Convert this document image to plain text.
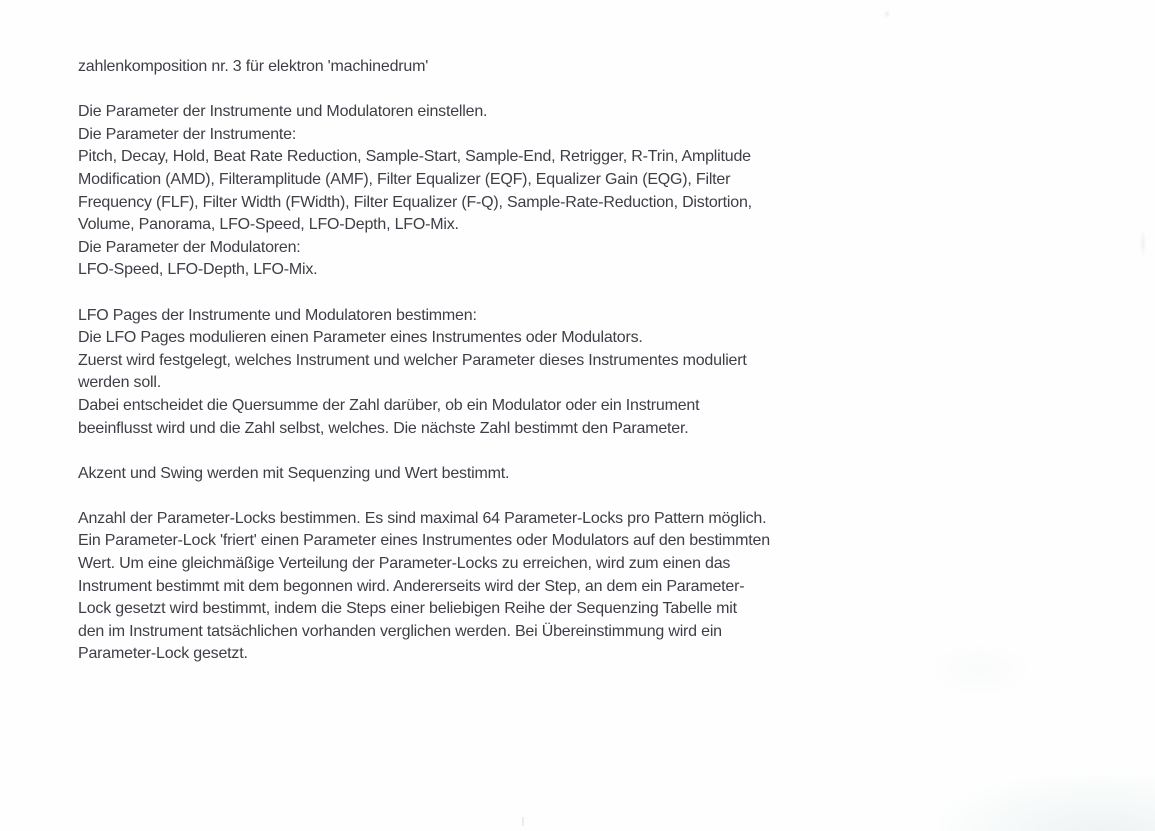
zahlenkomposition nr. 3 für elektron 'machinedrum'
Die Parameter der Instrumente und Modulatoren einstellen.
Die Parameter der Instrumente:
Pitch, Decay, Hold, Beat Rate Reduction, Sample-Start, Sample-End, Retrigger, R-Trin, Amplitude
Modification (AMD), Filteramplitude (AMF), Filter Equalizer (EQF), Equalizer Gain (EQG), Filter
Frequency (FLF), Filter Width (FWidth), Filter Equalizer (F-Q), Sample-Rate-Reduction, Distortion,
Volume, Panorama, LFO-Speed, LFO-Depth, LFO-Mix.
Die Parameter der Modulatoren:
LFO-Speed, LFO-Depth, LFO-Mix.
LFO Pages der Instrumente und Modulatoren bestimmen:
Die LFO Pages modulieren einen Parameter eines Instrumentes oder Modulators.
Zuerst wird festgelegt, welches Instrument und welcher Parameter dieses Instrumentes moduliert
werden soll.
Dabei entscheidet die Quersumme der Zahl darüber, ob ein Modulator oder ein Instrument
beeinflusst wird und die Zahl selbst, welches. Die nächste Zahl bestimmt den Parameter.
Akzent und Swing werden mit Sequenzing und Wert bestimmt.
Anzahl der Parameter-Locks bestimmen. Es sind maximal 64 Parameter-Locks pro Pattern möglich.
Ein Parameter-Lock 'friert' einen Parameter eines Instrumentes oder Modulators auf den bestimmten
Wert. Um eine gleichmäßige Verteilung der Parameter-Locks zu erreichen, wird zum einen das
Instrument bestimmt mit dem begonnen wird. Andererseits wird der Step, an dem ein Parameter-
Lock gesetzt wird bestimmt, indem die Steps einer beliebigen Reihe der Sequenzing Tabelle mit
den im Instrument tatsächlichen vorhanden verglichen werden. Bei Übereinstimmung wird ein
Parameter-Lock gesetzt.
